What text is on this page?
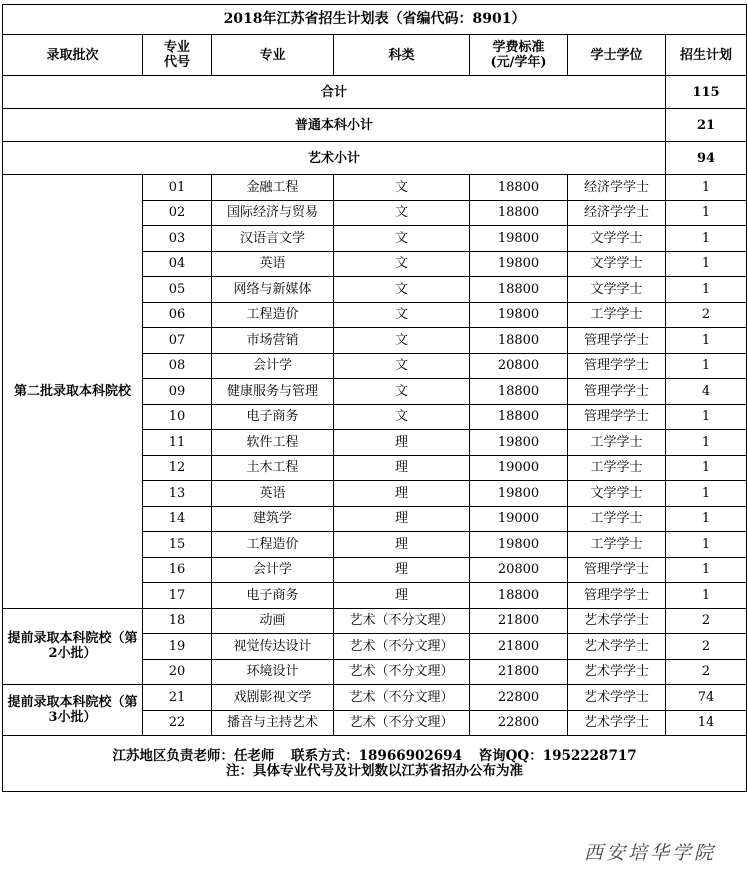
2018年江苏省招生计划表（省编代码：8901）						
录取批次	专业代号	专业	科类	学费标准(元/学年)	学士学位	招生计划
合计						115
普通本科小计						21
艺术小计						94
第二批录取本科院校	01	金融工程	文	18800	经济学学士	1
	02	国际经济与贸易	文	18800	经济学学士	1
	03	汉语言文学	文	19800	文学学士	1
	04	英语	文	19800	文学学士	1
	05	网络与新媒体	文	18800	文学学士	1
	06	工程造价	文	19800	工学学士	2
	07	市场营销	文	18800	管理学学士	1
	08	会计学	文	20800	管理学学士	1
	09	健康服务与管理	文	18800	管理学学士	4
	10	电子商务	文	18800	管理学学士	1
	11	软件工程	理	19800	工学学士	1
	12	土木工程	理	19000	工学学士	1
	13	英语	理	19800	文学学士	1
	14	建筑学	理	19000	工学学士	1
	15	工程造价	理	19800	工学学士	1
	16	会计学	理	20800	管理学学士	1
	17	电子商务	理	18800	管理学学士	1
提前录取本科院校（第2小批）	18	动画	艺术（不分文理）	21800	艺术学学士	2
	19	视觉传达设计	艺术（不分文理）	21800	艺术学学士	2
	20	环境设计	艺术（不分文理）	21800	艺术学学士	2
提前录取本科院校（第3小批）	21	戏剧影视文学	艺术（不分文理）	22800	艺术学学士	74
	22	播音与主持艺术	艺术（不分文理）	22800	艺术学学士	14

江苏地区负责老师：任老师 联系方式：18966902694 咨询QQ：1952228717
注：具体专业代号及计划数以江苏省招办公布为准						
西安培华学院
